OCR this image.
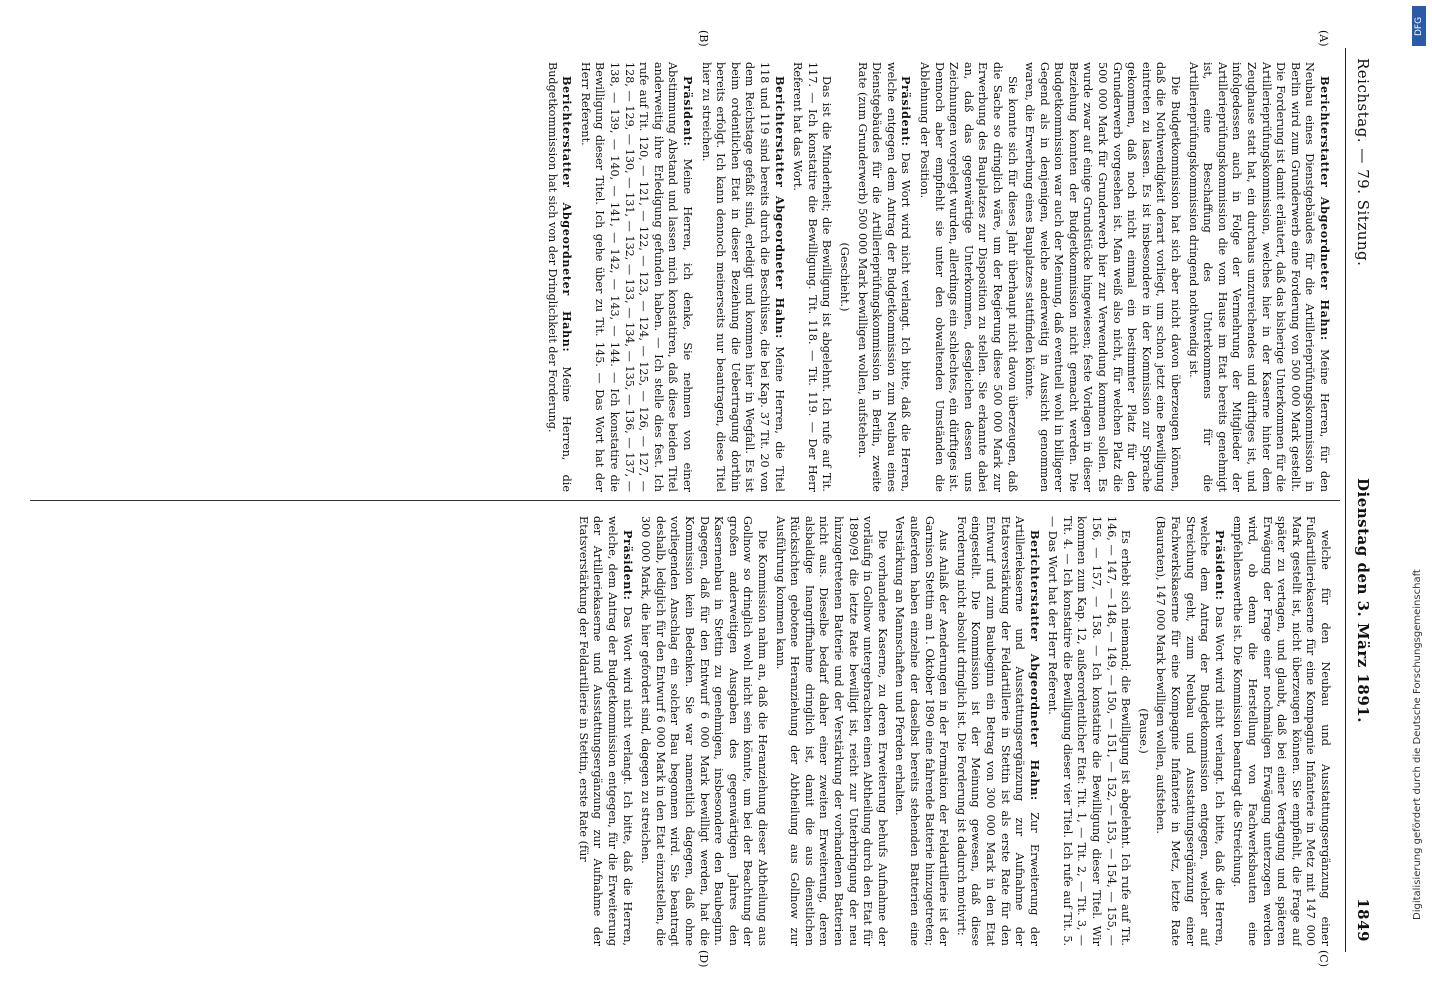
Reichstag. — 79. Sitzung.
Dienstag den 3. März 1891.
1849
(A)
(B)
(C)
(D)

Berichterstatter Abgeordneter Hahn: Meine Herren, für den Neubau eines Dienstgebäudes für die Artillerieprüfungskommission in Berlin wird zum Grunderwerb eine Forderung von 500 000 Mark gestellt. Die Forderung ist damit erläutert, daß das bisherige Unterkommen für die Artillerieprüfungskommission, welches hier in der Kaserne hinter dem Zeughause statt hat, ein durchaus unzureichendes und dürftiges ist, und infolgedessen auch in Folge der Vermehrung der Mitglieder der Artillerieprüfungskommission die vom Hause im Etat bereits genehmigt ist, eine Beschaffung des Unterkommens für die Artillerieprüfungskommission dringend nothwendig ist.

Die Budgetkommission hat sich aber nicht davon überzeugen können, daß die Nothwendigkeit derart vorliegt, um schon jetzt eine Bewilligung eintreten zu lassen. Es ist insbesondere in der Kommission zur Sprache gekommen, daß noch nicht einmal ein bestimmter Platz für den Grunderwerb vorgesehen ist. Man weiß also nicht, für welchen Platz die 500 000 Mark für Grunderwerb hier zur Verwendung kommen sollen. Es wurde zwar auf einige Grundstücke hingewiesen; feste Vorlagen in dieser Beziehung konnten der Budgetkommission nicht gemacht werden. Die Budgetkommission war auch der Meinung, daß eventuell wohl in billigerer Gegend als in denjenigen, welche anderweitig in Aussicht genommen waren, die Erwerbung eines Bauplatzes stattfinden könnte.

Sie konnte sich für dieses Jahr überhaupt nicht davon überzeugen, daß die Sache so dringlich wäre, um der Regierung diese 500 000 Mark zur Erwerbung des Bauplatzes zur Disposition zu stellen. Sie erkannte dabei an, daß das gegenwärtige Unterkommen, desgleichen dessen uns Zeichnungen vorgelegt wurden, allerdings ein schlechtes, ein dürftiges ist. Dennoch aber empfiehlt sie unter den obwaltenden Umständen die Ablehnung der Position.

Präsident: Das Wort wird nicht verlangt. Ich bitte, daß die Herren, welche entgegen dem Antrag der Budgetkommission zum Neubau eines Dienstgebäudes für die Artillerieprüfungskommission in Berlin, zweite Rate (zum Grunderwerb) 500 000 Mark bewilligen wollen, aufstehen.

(Geschieht.)

Das ist die Minderheit; die Bewilligung ist abgelehnt. Ich rufe auf Tit. 117. — Ich konstatire die Bewilligung. Tit. 118. — Tit. 119. — Der Herr Referent hat das Wort.

Berichterstatter Abgeordneter Hahn: Meine Herren, die Titel 118 und 119 sind bereits durch die Beschlüsse, die bei Kap. 37 Tit. 20 von dem Reichstage gefaßt sind, erledigt und kommen hier in Wegfall. Es ist beim ordentlichen Etat in dieser Beziehung die Uebertragung dorthin bereits erfolgt. Ich kann dennoch meinerseits nur beantragen, diese Titel hier zu streichen.

Präsident: Meine Herren, ich denke, Sie nehmen von einer Abstimmung Abstand und lassen mich konstatiren, daß diese beiden Titel anderweitig ihre Erledigung gefunden haben. — Ich stelle dies fest. Ich rufe auf Tit. 120, — 121, — 122, — 123, — 124, — 125, — 126, — 127, — 128, — 129, — 130, — 131, — 132, — 133, — 134, — 135, — 136, — 137, — 138, — 139, — 140, — 141, — 142, — 143, — 144. — Ich konstatire die Bewilligung dieser Titel. Ich gehe über zu Tit. 145. — Das Wort hat der Herr Referent.

Berichterstatter Abgeordneter Hahn: Meine Herren, die Budgetkommission hat sich von der Dringlichkeit der Forderung.

welche für den Neubau und Ausstattungsergänzung einer Fußartilleriekaserne für eine Kompagnie Infanterie in Metz mit 147 000 Mark gestellt ist, nicht überzeugen können. Sie empfiehlt, die Frage auf später zu vertagen, und glaubt, daß bei einer Vertagung und späteren Erwägung der Frage einer nochmaligen Erwägung unterzogen werden wird, ob denn die Herstellung von Fachwerksbauten eine empfehlenswerthe ist. Die Kommission beantragt die Streichung.

Präsident: Das Wort wird nicht verlangt. Ich bitte, daß die Herren, welche dem Antrag der Budgetkommission entgegen, welcher auf Streichung geht, zum Neubau und Ausstattungsergänzung einer Fachwerkskaserne für eine Kompagnie Infanterie in Metz, letzte Rate (Bauraten), 147 000 Mark bewilligen wollen, aufstehen.

(Pause.)

Es erhebt sich niemand; die Bewilligung ist abgelehnt. Ich rufe auf Tit. 146, — 147, — 148, — 149, — 150, — 151, — 152, — 153, — 154, — 155, — 156, — 157, — 158. — Ich konstatire die Bewilligung dieser Titel. Wir kommen zum Kap. 12, außerordentlicher Etat: Tit. 1, — Tit. 2, — Tit. 3, — Tit. 4. — Ich konstatire die Bewilligung dieser vier Titel. Ich rufe auf Tit. 5. — Das Wort hat der Herr Referent.

Berichterstatter Abgeordneter Hahn: Zur Erweiterung der Artilleriekaserne und Ausstattungsergänzung zur Aufnahme der Etatsverstärkung der Feldartillerie in Stettin ist als erste Rate für den Entwurf und zum Baubeginn ein Betrag von 300 000 Mark in den Etat eingestellt. Die Kommission ist der Meinung gewesen, daß diese Forderung nicht absolut dringlich ist. Die Forderung ist dadurch motivirt:

Aus Anlaß der Aenderungen in der Formation der Feldartillerie ist der Garnison Stettin am 1. Oktober 1890 eine fahrende Batterie hinzugetreten; außerdem haben einzelne der daselbst bereits stehenden Batterien eine Verstärkung an Mannschaften und Pferden erhalten.

Die vorhandene Kaserne, zu deren Erweiterung behufs Aufnahme der vorläufig in Gollnow untergebrachten einen Abtheilung durch den Etat für 1890/91 die letzte Rate bewilligt ist, reicht zur Unterbringung der neu hinzugetretenen Batterie und der Verstärkung der vorhandenen Batterien nicht aus. Dieselbe bedarf daher einer zweiten Erweiterung, deren alsbaldige Inangriffnahme dringlich ist, damit die aus dienstlichen Rücksichten gebotene Heranziehung der Abtheilung aus Gollnow zur Ausführung kommen kann.

Die Kommission nahm an, daß die Heranziehung dieser Abtheilung aus Gollnow so dringlich wohl nicht sein könnte, um bei der Beachtung der großen anderweitigen Ausgaben des gegenwärtigen Jahres den Kasernenbau in Stettin zu genehmigen, insbesondere den Baubeginn. Dagegen, daß für den Entwurf 6 000 Mark bewilligt werden, hat die Kommission kein Bedenken. Sie war namentlich dagegen, daß ohne vorliegenden Anschlag ein solcher Bau begonnen wird. Sie beantragt deshalb, lediglich für den Entwurf 6 000 Mark in den Etat einzustellen, die 300 000 Mark, die hier gefordert sind, dagegen zu streichen.

Präsident: Das Wort wird nicht verlangt. Ich bitte, daß die Herren, welche, dem Antrag der Budgetkommission entgegen, für die Erweiterung der Artilleriekaserne und Ausstattungsergänzung zur Aufnahme der Etatsverstärkung der Feldartillerie in Stettin, erste Rate (für

DFG
Digitalisierung gefördert durch die Deutsche Forschungsgemeinschaft
